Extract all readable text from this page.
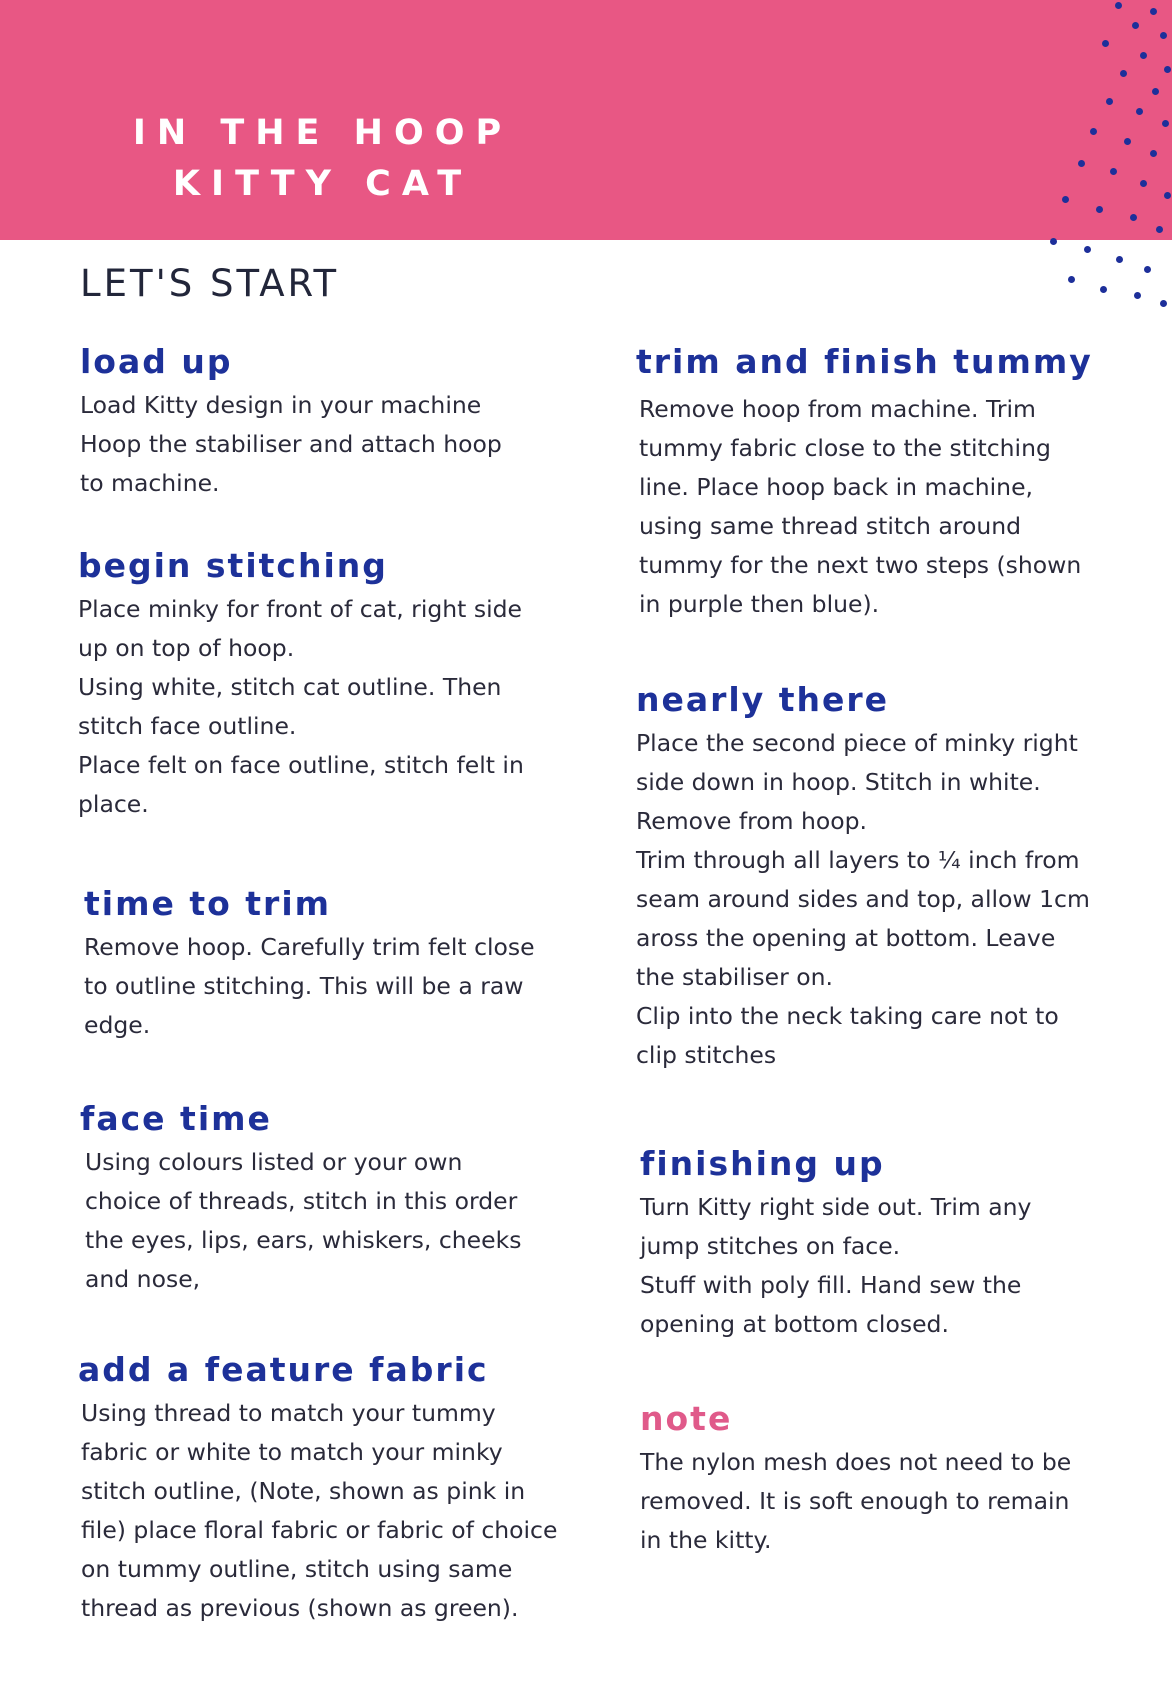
IN THE HOOP
KITTY CAT
LET'S START
load up

Load Kitty design in your machine
Hoop the stabiliser and attach hoop
to machine.

begin stitching

Place minky for front of cat, right side
up on top of hoop.
Using white, stitch cat outline. Then
stitch face outline.
Place felt on face outline, stitch felt in
place.

time to trim

Remove hoop. Carefully trim felt close
to outline stitching. This will be a raw
edge.

face time

Using colours listed or your own
choice of threads, stitch in this order
the eyes, lips, ears, whiskers, cheeks
and nose,

add a feature fabric

Using thread to match your tummy
fabric or white to match your minky
stitch outline, (Note, shown as pink in
file) place floral fabric or fabric of choice
on tummy outline, stitch using same
thread as previous (shown as green).

trim and finish tummy

Remove hoop from machine. Trim
tummy fabric close to the stitching
line. Place hoop back in machine,
using same thread stitch around
tummy for the next two steps (shown
in purple then blue).

nearly there

Place the second piece of minky right
side down in hoop. Stitch in white.
Remove from hoop.
Trim through all layers to ¼ inch from
seam around sides and top, allow 1cm
aross the opening at bottom. Leave
the stabiliser on.
Clip into the neck taking care not to
clip stitches

finishing up

Turn Kitty right side out. Trim any
jump stitches on face.
Stuff with poly fill. Hand sew the
opening at bottom closed.

note

The nylon mesh does not need to be
removed. It is soft enough to remain
in the kitty.
